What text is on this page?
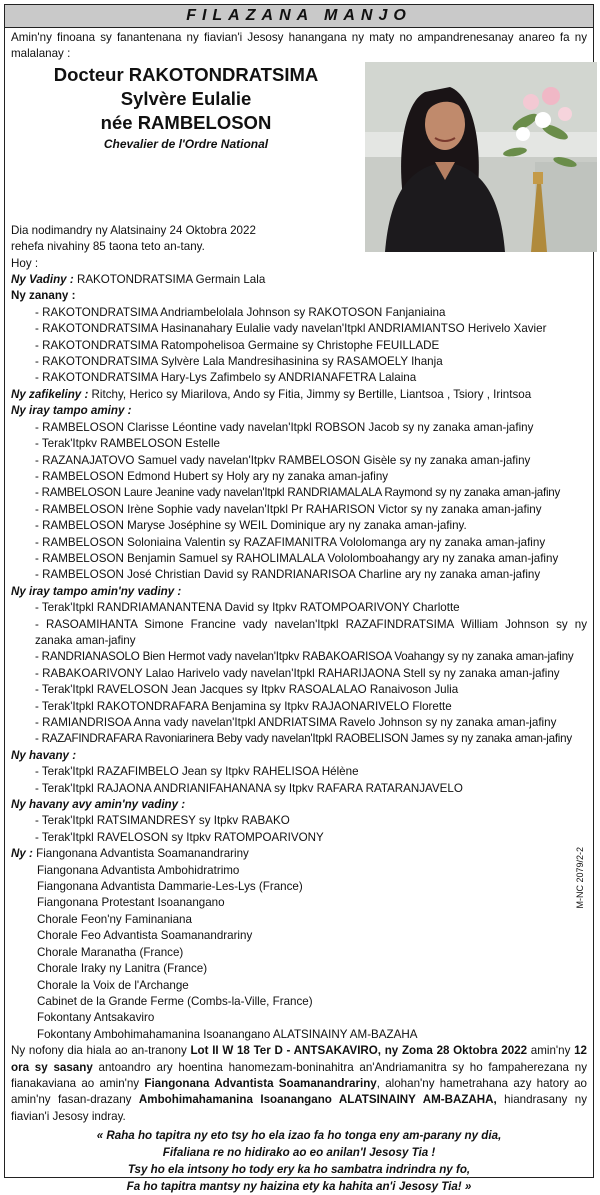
FILAZANA MANJO
Amin'ny finoana sy fanantenana ny fiavian'i Jesosy hanangana ny maty no ampandrenesanay anareo fa ny malalanay :
Docteur RAKOTONDRATSIMA
Sylvère Eulalie
née RAMBELOSON
Chevalier de l'Ordre National
Dia nodimandry ny Alatsinainy 24 Oktobra 2022
rehefa nivahiny 85 taona teto an-tany.
Hoy :
Ny Vadiny : RAKOTONDRATSIMA Germain Lala
Ny zanany :
- RAKOTONDRATSIMA Andriambelolala Johnson sy RAKOTOSON Fanjaniaina
- RAKOTONDRATSIMA Hasinanahary Eulalie vady navelan'Itpkl ANDRIAMIANTSO Herivelo Xavier
- RAKOTONDRATSIMA Ratompohelisoa Germaine sy Christophe FEUILLADE
- RAKOTONDRATSIMA Sylvère Lala Mandresihasinina sy RASAMOELY Ihanja
- RAKOTONDRATSIMA Hary-Lys Zafimbelo sy ANDRIANAFETRA Lalaina
Ny zafikeliny : Ritchy, Herico sy Miarilova, Ando sy Fitia, Jimmy sy Bertille, Liantsoa , Tsiory , Irintsoa
Ny iray tampo aminy :
- RAMBELOSON Clarisse Léontine vady navelan'Itpkl ROBSON Jacob sy ny zanaka aman-jafiny
- Terak'Itpkv RAMBELOSON Estelle
- RAZANAJATOVO Samuel vady navelan'Itpkv RAMBELOSON Gisèle sy ny zanaka aman-jafiny
- RAMBELOSON Edmond Hubert sy Holy ary ny zanaka aman-jafiny
- RAMBELOSON Laure Jeanine vady navelan'Itpkl RANDRIAMALALA Raymond sy ny zanaka aman-jafiny
- RAMBELOSON Irène Sophie vady navelan'Itpkl Pr RAHARISON Victor sy ny zanaka aman-jafiny
- RAMBELOSON Maryse Joséphine sy WEIL Dominique ary ny zanaka aman-jafiny.
- RAMBELOSON Soloniaina Valentin sy RAZAFIMANITRA Vololomanga ary ny zanaka aman-jafiny
- RAMBELOSON Benjamin Samuel sy RAHOLIMALALA Vololomboahangy ary ny zanaka aman-jafiny
- RAMBELOSON José Christian David sy RANDRIANARISOA Charline ary ny zanaka aman-jafiny
Ny iray tampo amin'ny vadiny :
- Terak'Itpkl RANDRIAMANANTENA David sy Itpkv RATOMPOARIVONY Charlotte
- RASOAMIHANTA Simone Francine vady navelan'Itpkl RAZAFINDRATSIMA William Johnson sy ny zanaka aman-jafiny
- RANDRIANASOLO Bien Hermot vady navelan'Itpkv RABAKOARISOA Voahangy sy ny zanaka aman-jafiny
- RABAKOARIVONY Lalao Harivelo vady navelan'Itpkl RAHARIJAONA Stell sy ny zanaka aman-jafiny
- Terak'Itpkl RAVELOSON Jean Jacques sy Itpkv RASOALALAO Ranaivoson Julia
- Terak'Itpkl RAKOTONDRAFARA Benjamina sy Itpkv RAJAONARIVELO Florette
- RAMIANDRISOA Anna vady navelan'Itpkl ANDRIATSIMA Ravelo Johnson sy ny zanaka aman-jafiny
- RAZAFINDRAFARA Ravoniarinera Beby vady navelan'Itpkl RAOBELISON James sy ny zanaka aman-jafiny
Ny havany :
- Terak'Itpkl RAZAFIMBELO Jean sy Itpkv RAHELISOA Hélène
- Terak'Itpkl RAJAONA ANDRIANIFAHANANA sy Itpkv RAFARA RATARANJAVELO
Ny havany avy amin'ny vadiny :
- Terak'Itpkl RATSIMANDRESY sy Itpkv RABAKO
- Terak'Itpkl RAVELOSON sy Itpkv RATOMPOARIVONY
Ny : Fiangonana Advantista Soamanandrariny
Fiangonana Advantista Ambohidratrimo
Fiangonana Advantista Dammarie-Les-Lys (France)
Fiangonana Protestant Isoanangano
Chorale Feon'ny Faminaniana
Chorale Feo Advantista Soamanandrariny
Chorale Maranatha (France)
Chorale Iraky ny Lanitra (France)
Chorale la Voix de l'Archange
Cabinet de la Grande Ferme (Combs-la-Ville, France)
Fokontany Antsakaviro
Fokontany Ambohimahamanina Isoanangano ALATSINAINY AM-BAZAHA
Ny nofony dia hiala ao an-tranony Lot II W 18 Ter D - ANTSAKAVIRO, ny Zoma 28 Oktobra 2022 amin'ny 12 ora sy sasany antoandro ary hoentina hanomezam-boninahitra an'Andriamanitra sy ho fampaherezana ny fianakaviana ao amin'ny Fiangonana Advantista Soamanandrariny, alohan'ny hametrahana azy hatory ao amin'ny fasan-drazany Ambohimahamanina Isoanangano ALATSINAINY AM-BAZAHA, hiandrasany ny fiavian'i Jesosy indray.
« Raha ho tapitra ny eto tsy ho ela izao fa ho tonga eny am-parany ny dia,
Fifaliana re no hidirako ao eo anilan'I Jesosy Tia !
Tsy ho ela intsony ho tody ery ka ho sambatra indrindra ny fo,
Fa ho tapitra mantsy ny haizina ety ka hahita an'i Jesosy Tia! »
M-NC 2079/2-2
